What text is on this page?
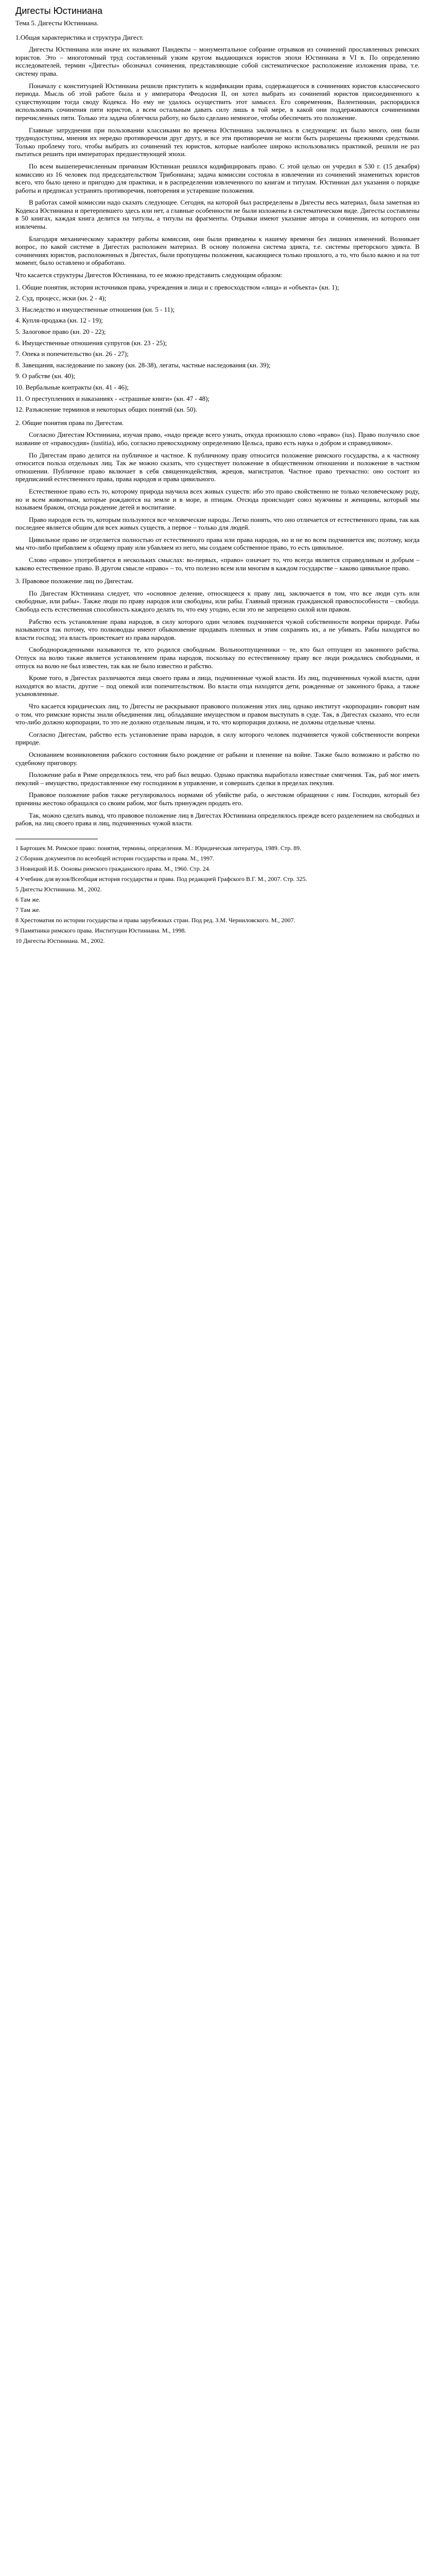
Дигесты Юстиниана
Тема 5. Дигесты Юстиниана.
1.Общая характеристика и структура Дигест.

Дигесты Юстиниана или иначе их называют Пандекты – монументальное собрание отрывков из сочинений прославленных римских юристов. Это – многотомный труд составленный узким кругом выдающихся юристов эпохи Юстиниана в VI в. По определению исследователей, термин «Дигесты» обозначал сочинения, представляющие собой систематическое расположение изложения права, т.е. систему права.

Поначалу с конституцией Юстиниана решили приступить к кодификации права, содержащегося в сочинениях юристов классического периода. Мысль об этой работе была и у императора Феодосия II, он хотел выбрать из сочинений юристов присоединенного к существующим тогда своду Кодекса. Но ему не удалось осуществить этот замысел. Его современник, Валентиниан, распорядился использовать сочинения пяти юристов, а всем остальным давать силу лишь в той мере, в какой они поддерживаются сочинениями перечисленных пяти. Только эта задача облегчила работу, но было сделано немногое, чтобы обеспечить это положение.

Главные затруднения при пользовании классиками во времена Юстиниана заключались в следующем: их было много, они были труднодоступны, мнения их нередко противоречили друг другу, и все эти противоречия не могли быть разрешены прежними средствами. Только проблему того, чтобы выбрать из сочинений тех юристов, которые наиболее широко использовались практикой, решили не раз пытаться решить при императорах предшествующей эпохи.

По всем вышеперечисленным причинам Юстиниан решился кодифицировать право. С этой целью он учредил в 530 г. (15 декабря) комиссию из 16 человек под председательством Трибониана; задача комиссии состояла в извлечении из сочинений знаменитых юристов всего, что было ценно и пригодно для практики, и в распределении извлеченного по книгам и титулам. Юстиниан дал указания о порядке работы и предписал устранять противоречия, повторения и устаревшие положения.

В работах самой комиссии надо сказать следующее. Сегодня, на которой был распределены в Дигесты весь материал, была заметная из Кодекса Юстиниана и претерпевшего здесь или нет, а главные особенности не были изложены в систематическом виде. Дигесты составлены в 50 книгах, каждая книга делится на титулы, а титулы на фрагменты. Отрывки имеют указание автора и сочинения, из которого они извлечены.

Благодаря механическому характеру работы комиссии, они были приведены к нашему времени без лишних изменений. Возникает вопрос, по какой системе в Дигестах расположен материал. В основу положена система эдикта, т.е. системы преторского эдикта. В сочинениях юристов, расположенных в Дигестах, были пропущены положения, касающиеся только прошлого, а то, что было важно и на тот момент, было оставлено и обработано.

Что касается структуры Дигестов Юстиниана, то ее можно представить следующим образом:

1. Общие понятия, история источников права, учреждения и лица и с превосходством «лица» и «объекта» (кн. 1);
2. Суд, процесс, иски (кн. 2 - 4);
3. Наследство и имущественные отношения (кн. 5 - 11);
4. Купля-продажа (кн. 12 - 19);
5. Залоговое право (кн. 20 - 22);
6. Имущественные отношения супругов (кн. 23 - 25);
7. Опека и попечительство (кн. 26 - 27);
8. Завещания, наследование по закону (кн. 28-38), легаты, частные наследования (кн. 39);
9. О рабстве (кн. 40);
10. Вербальные контракты (кн. 41 - 46);
11. О преступлениях и наказаниях - «страшные книги» (кн. 47 - 48);
12. Разъяснение терминов и некоторых общих понятий (кн. 50).
2. Общие понятия права по Дигестам.

Согласно Дигестам Юстиниана, изучая право, «надо прежде всего узнать, откуда произошло слово «право» (ius). Право получило свое название от «правосудия» (iustitia), ибо, согласно превосходному определению Цельса, право есть наука о добром и справедливом».

По Дигестам право делится на публичное и частное. К публичному праву относится положение римского государства, а к частному относится польза отдельных лиц. Так же можно сказать, что существует положение в общественном отношении и положение в частном отношении. Публичное право включает в себя священнодействия, жрецов, магистратов. Частное право трехчастно: оно состоит из предписаний естественного права, права народов и права цивильного.

Естественное право есть то, которому природа научила всех живых существ: ибо это право свойственно не только человеческому роду, но и всем животным, которые рождаются на земле и в море, и птицам. Отсюда происходит союз мужчины и женщины, который мы называем браком, отсюда рождение детей и воспитание.

Право народов есть то, которым пользуются все человеческие народы. Легко понять, что оно отличается от естественного права, так как последнее является общим для всех живых существ, а первое – только для людей.

Цивильное право не отделяется полностью от естественного права или права народов, но и не во всем подчиняется им; поэтому, когда мы что-либо прибавляем к общему праву или убавляем из него, мы создаем собственное право, то есть цивильное.

Слово «право» употребляется в нескольких смыслах: во-первых, «право» означает то, что всегда является справедливым и добрым – каково естественное право. В другом смысле «право» – то, что полезно всем или многим в каждом государстве – каково цивильное право.

3. Правовое положение лиц по Дигестам.

По Дигестам Юстиниана следует, что «основное деление, относящееся к праву лиц, заключается в том, что все люди суть или свободные, или рабы». Также люди по праву народов или свободны, или рабы. Главный признак гражданской правоспособности – свобода. Свобода есть естественная способность каждого делать то, что ему угодно, если это не запрещено силой или правом.

Рабство есть установление права народов, в силу которого один человек подчиняется чужой собственности вопреки природе. Рабы называются так потому, что полководцы имеют обыкновение продавать пленных и этим сохранять их, а не убивать. Рабы находятся во власти господ; эта власть проистекает из права народов.

Свободнорожденными называются те, кто родился свободным. Вольноотпущенники – те, кто был отпущен из законного рабства. Отпуск на волю также является установлением права народов, поскольку по естественному праву все люди рождались свободными, и отпуск на волю не был известен, так как не было известно и рабство.

Кроме того, в Дигестах различаются лица своего права и лица, подчиненные чужой власти. Из лиц, подчиненных чужой власти, одни находятся во власти, другие – под опекой или попечительством. Во власти отца находятся дети, рожденные от законного брака, а также усыновленные.

Что касается юридических лиц, то Дигесты не раскрывают правового положения этих лиц, однако институт «корпорации» говорит нам о том, что римские юристы знали объединения лиц, обладавшие имуществом и правом выступать в суде. Так, в Дигестах сказано, что если что-либо должно корпорации, то это не должно отдельным лицам, и то, что корпорация должна, не должны отдельные члены.

Согласно Дигестам, рабство есть установление права народов, в силу которого человек подчиняется чужой собственности вопреки природе.

Основанием возникновения рабского состояния было рождение от рабыни и пленение на войне. Также было возможно и рабство по судебному приговору.

Положение раба в Риме определялось тем, что раб был вещью. Однако практика выработала известные смягчения. Так, раб мог иметь пекулий – имущество, предоставленное ему господином в управление, и совершать сделки в пределах пекулия.

Правовое положение рабов также регулировалось нормами об убийстве раба, о жестоком обращении с ним. Господин, который без причины жестоко обращался со своим рабом, мог быть принужден продать его.

Так, можно сделать вывод, что правовое положение лиц в Дигестах Юстиниана определялось прежде всего разделением на свободных и рабов, на лиц своего права и лиц, подчиненных чужой власти.

1 Бартошек М. Римское право: понятия, термины, определения. М.: Юридическая литература, 1989. Стр. 89.
2 Сборник документов по всеобщей истории государства и права. М., 1997.
3 Новицкий И.Б. Основы римского гражданского права. М., 1960. Стр. 24.
4 Учебник для вузов/Всеобщая история государства и права. Под редакцией Графского В.Г. М., 2007. Стр. 325.
5 Дигесты Юстиниана. М., 2002.
6 Там же.
7 Там же.
8 Хрестоматия по истории государства и права зарубежных стран. Под ред. З.М. Черниловского. М., 2007.
9 Памятники римского права. Институции Юстиниана. М., 1998.
10 Дигесты Юстиниана. М., 2002.
